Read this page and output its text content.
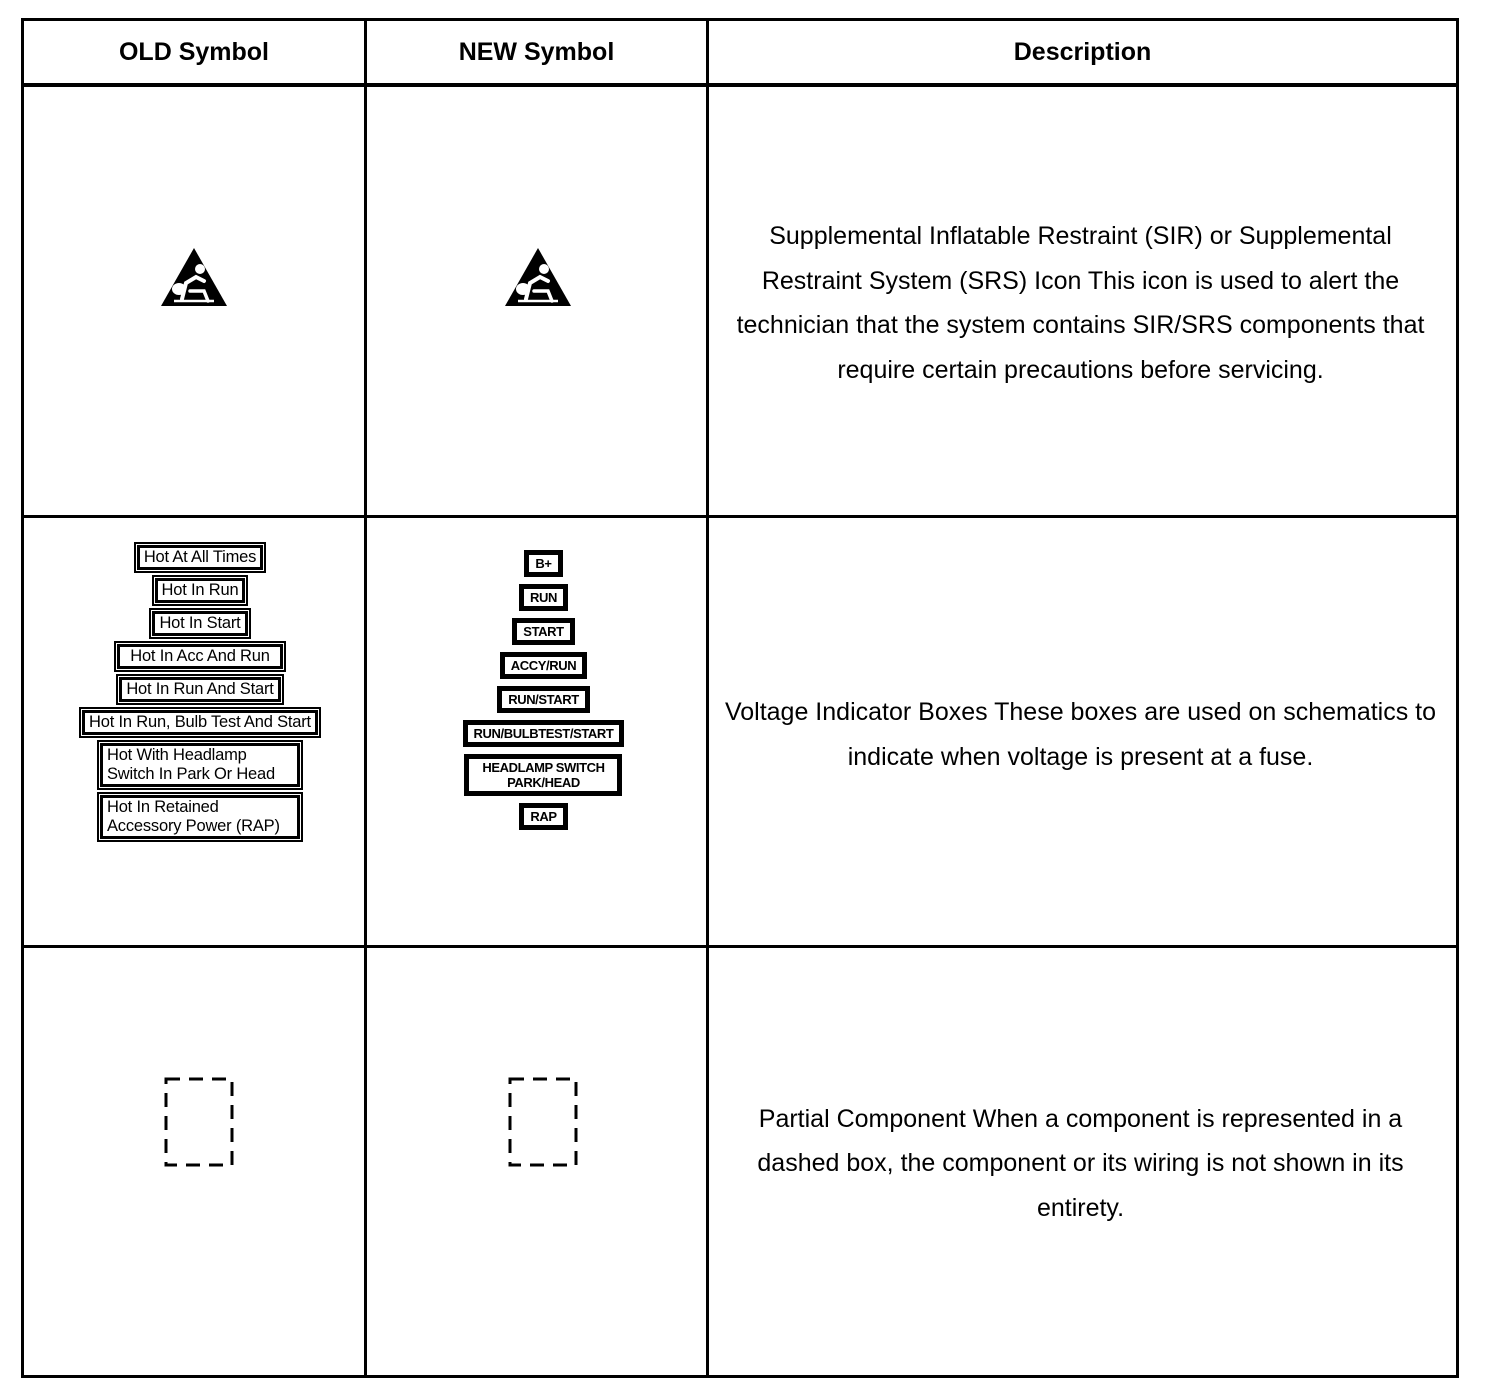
OLD Symbol	NEW Symbol	Description
Supplemental Inflatable Restraint (SIR) or Supplemental Restraint System (SRS) Icon This icon is used to alert the technician that the system contains SIR/SRS components that require certain precautions before servicing.
Hot At All Times
Hot In Run
Hot In Start
Hot In Acc And Run
Hot In Run And Start
Hot In Run, Bulb Test And Start
Hot With Headlamp Switch In Park Or Head
Hot In Retained Accessory Power (RAP)
B+
RUN
START
ACCY/RUN
RUN/START
RUN/BULBTEST/START
HEADLAMP SWITCH PARK/HEAD
RAP
Voltage Indicator Boxes These boxes are used on schematics to indicate when voltage is present at a fuse.
Partial Component When a component is represented in a dashed box, the component or its wiring is not shown in its entirety.
